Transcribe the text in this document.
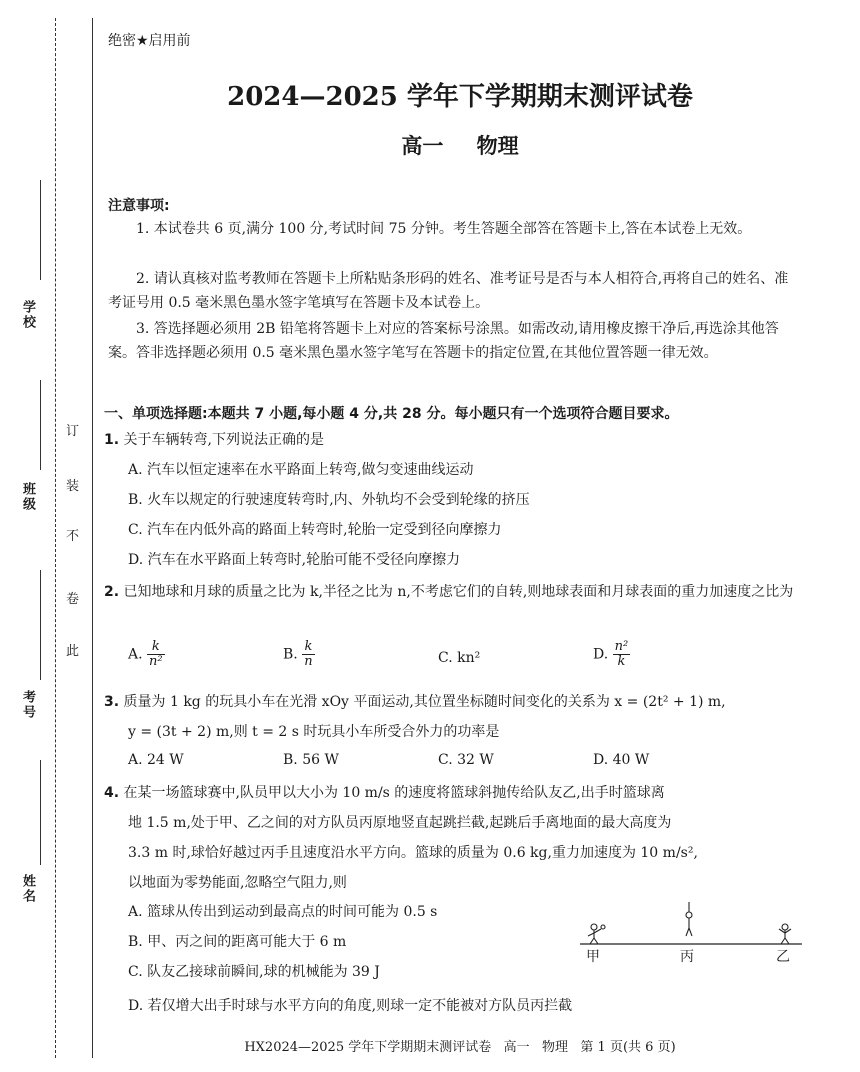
学校
班级
考号
姓名
订
装
不
卷
此
绝密★启用前
2024—2025 学年下学期期末测评试卷
高一 物理
注意事项:
1. 本试卷共 6 页,满分 100 分,考试时间 75 分钟。考生答题全部答在答题卡上,答在本试卷上无效。
2. 请认真核对监考教师在答题卡上所粘贴条形码的姓名、准考证号是否与本人相符合,再将自己的姓名、准考证号用 0.5 毫米黑色墨水签字笔填写在答题卡及本试卷上。
3. 答选择题必须用 2B 铅笔将答题卡上对应的答案标号涂黑。如需改动,请用橡皮擦干净后,再选涂其他答案。答非选择题必须用 0.5 毫米黑色墨水签字笔写在答题卡的指定位置,在其他位置答题一律无效。
一、单项选择题:本题共 7 小题,每小题 4 分,共 28 分。每小题只有一个选项符合题目要求。
1. 关于车辆转弯,下列说法正确的是
A. 汽车以恒定速率在水平路面上转弯,做匀变速曲线运动
B. 火车以规定的行驶速度转弯时,内、外轨均不会受到轮缘的挤压
C. 汽车在内低外高的路面上转弯时,轮胎一定受到径向摩擦力
D. 汽车在水平路面上转弯时,轮胎可能不受径向摩擦力
2. 已知地球和月球的质量之比为 k,半径之比为 n,不考虑它们的自转,则地球表面和月球表面的重力加速度之比为
A. $\frac{k}{\text{n²}}$	B. $\frac{k}{n}$	C. kn²	D. $\frac{\text{n²}}{k}$
3. 质量为 1 kg 的玩具小车在光滑 xOy 平面运动,其位置坐标随时间变化的关系为 x = (2t² + 1) m,
y = (3t + 2) m,则 t = 2 s 时玩具小车所受合外力的功率是
A. 24 W	B. 56 W	C. 32 W	D. 40 W
4. 在某一场篮球赛中,队员甲以大小为 10 m/s 的速度将篮球斜抛传给队友乙,出手时篮球离
地 1.5 m,处于甲、乙之间的对方队员丙原地竖直起跳拦截,起跳后手离地面的最大高度为
3.3 m 时,球恰好越过丙手且速度沿水平方向。篮球的质量为 0.6 kg,重力加速度为 10 m/s²,
以地面为零势能面,忽略空气阻力,则
A. 篮球从传出到运动到最高点的时间可能为 0.5 s
B. 甲、丙之间的距离可能大于 6 m
C. 队友乙接球前瞬间,球的机械能为 39 J
D. 若仅增大出手时球与水平方向的角度,则球一定不能被对方队员丙拦截
甲	丙	乙
HX2024—2025 学年下学期期末测评试卷   高一   物理   第 1 页(共 6 页)
